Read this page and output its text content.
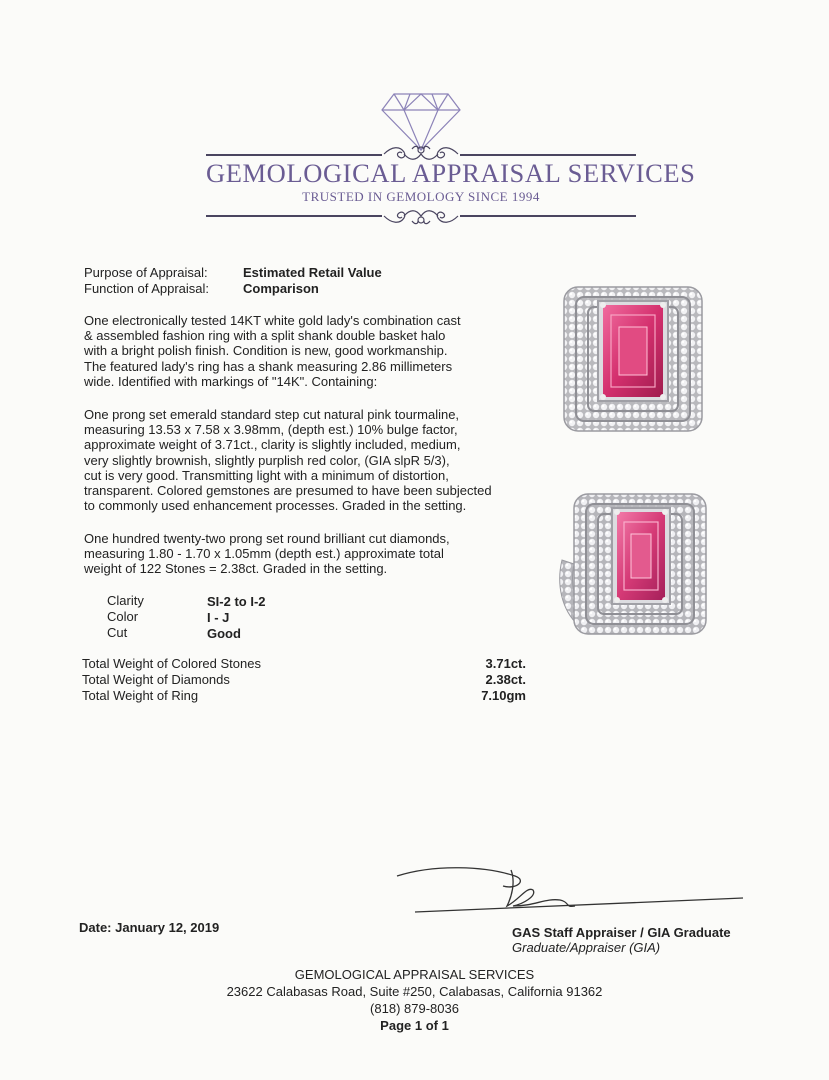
GEMOLOGICAL APPRAISAL SERVICES
TRUSTED IN GEMOLOGY SINCE 1994
Purpose of Appraisal:	Estimated Retail Value
Function of Appraisal:	Comparison
One electronically tested 14KT white gold lady's combination cast
& assembled fashion ring with a split shank double basket halo
with a bright polish finish. Condition is new, good workmanship.
The featured lady's ring has a shank measuring 2.86 millimeters
wide. Identified with markings of "14K". Containing:
One prong set emerald standard step cut natural pink tourmaline,
measuring 13.53 x 7.58 x 3.98mm, (depth est.) 10% bulge factor,
approximate weight of 3.71ct., clarity is slightly included, medium,
very slightly brownish, slightly purplish red color, (GIA slpR 5/3),
cut is very good. Transmitting light with a minimum of distortion,
transparent. Colored gemstones are presumed to have been subjected
to commonly used enhancement processes. Graded in the setting.
One hundred twenty-two prong set round brilliant cut diamonds,
measuring 1.80 - 1.70 x 1.05mm (depth est.) approximate total
weight of 122 Stones = 2.38ct. Graded in the setting.
Clarity	SI-2 to I-2
Color	I - J
Cut	Good
Total Weight of Colored Stones	3.71ct.
Total Weight of Diamonds	2.38ct.
Total Weight of Ring	7.10gm
Date: January 12, 2019	GAS Staff Appraiser / GIA Graduate
Graduate/Appraiser (GIA)
GEMOLOGICAL APPRAISAL SERVICES
23622 Calabasas Road, Suite #250, Calabasas, California 91362
(818) 879-8036
Page 1 of 1
